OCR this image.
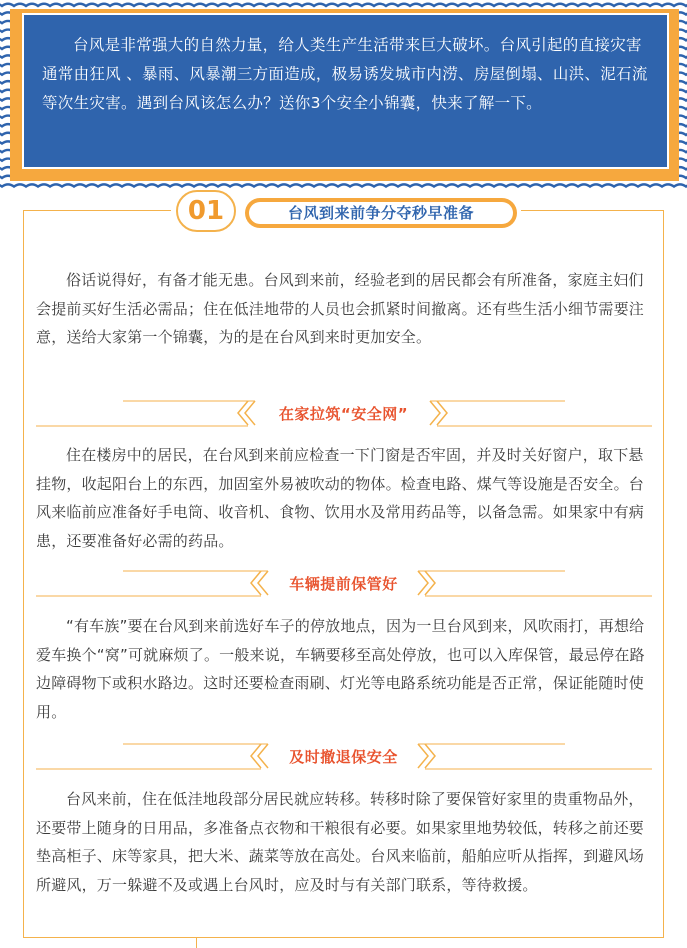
台风是非常强大的自然力量，给人类生产生活带来巨大破坏。台风引起的直接灾害通常由狂风 、暴雨、风暴潮三方面造成，极易诱发城市内涝、房屋倒塌、山洪、泥石流等次生灾害。遇到台风该怎么办？送你3个安全小锦囊，快来了解一下。
01	台风到来前争分夺秒早准备
俗话说得好，有备才能无患。台风到来前，经验老到的居民都会有所准备，家庭主妇们会提前买好生活必需品；住在低洼地带的人员也会抓紧时间撤离。还有些生活小细节需要注意，送给大家第一个锦囊，为的是在台风到来时更加安全。
在家拉筑“安全网”
住在楼房中的居民，在台风到来前应检查一下门窗是否牢固，并及时关好窗户，取下悬挂物，收起阳台上的东西，加固室外易被吹动的物体。检查电路、煤气等设施是否安全。台风来临前应准备好手电筒、收音机、食物、饮用水及常用药品等，以备急需。如果家中有病患，还要准备好必需的药品。
车辆提前保管好
“有车族”要在台风到来前选好车子的停放地点，因为一旦台风到来，风吹雨打，再想给爱车换个“窝”可就麻烦了。一般来说，车辆要移至高处停放，也可以入库保管，最忌停在路边障碍物下或积水路边。这时还要检查雨刷、灯光等电路系统功能是否正常，保证能随时使用。
及时撤退保安全
台风来前，住在低洼地段部分居民就应转移。转移时除了要保管好家里的贵重物品外，还要带上随身的日用品，多准备点衣物和干粮很有必要。如果家里地势较低，转移之前还要垫高柜子、床等家具，把大米、蔬菜等放在高处。台风来临前，船舶应听从指挥，到避风场所避风，万一躲避不及或遇上台风时，应及时与有关部门联系，等待救援。
